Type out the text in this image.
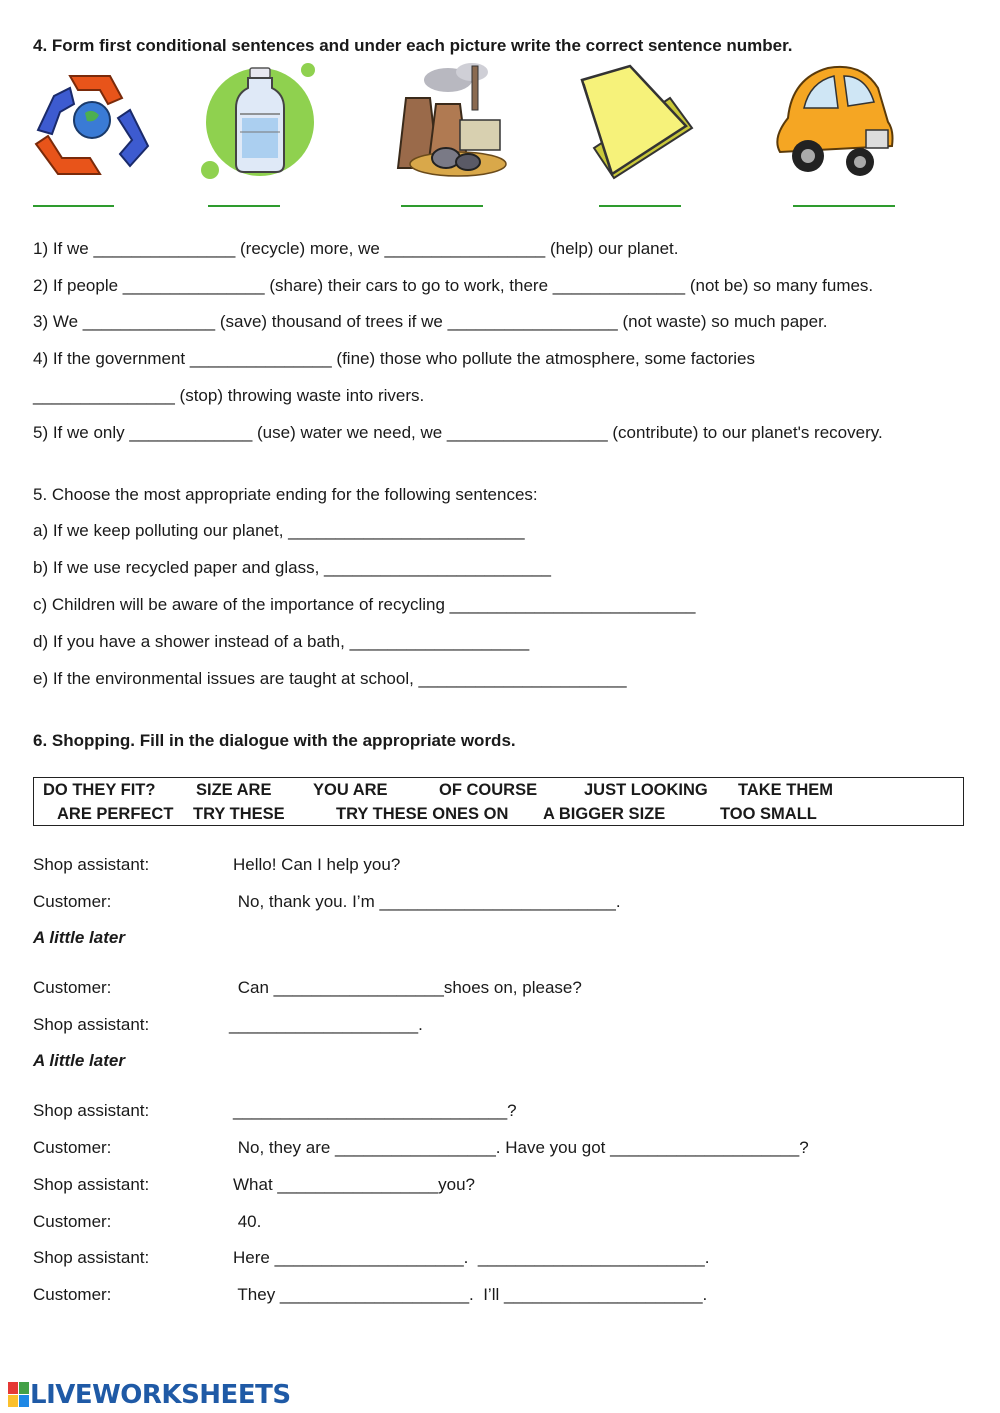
4. Form first conditional sentences and under each picture write the correct sentence number.
1) If we _______________ (recycle) more, we _________________ (help) our planet.
2) If people _______________ (share) their cars to go to work, there ______________ (not be) so many fumes.
3) We ______________ (save) thousand of trees if we __________________ (not waste) so much paper.
4) If the government _______________ (fine) those who pollute the atmosphere, some factories
_______________ (stop) throwing waste into rivers.
5) If we only _____________ (use) water we need, we _________________ (contribute) to our planet's recovery.
5. Choose the most appropriate ending for the following sentences:
a) If we keep polluting our planet, _________________________
b) If we use recycled paper and glass, ________________________
c) Children will be aware of the importance of recycling __________________________
d) If you have a shower instead of a bath, ___________________
e) If the environmental issues are taught at school, ______________________
6. Shopping. Fill in the dialogue with the appropriate words.
DO THEY FIT? SIZE ARE	YOU ARE	OF COURSE	JUST LOOKING TAKE THEM
ARE PERFECT TRY THESE	TRY THESE ONES ON A BIGGER SIZE	TOO SMALL
Shop assistant:	Hello! Can I help you?
Customer:	No, thank you. I’m _________________________.
A little later
Customer:	Can __________________shoes on, please?
Shop assistant:	____________________.
A little later
Shop assistant:	_____________________________?
Customer:	No, they are _________________. Have you got ____________________?
Shop assistant:	What _________________you?
Customer:	40.
Shop assistant:	Here ____________________.  ________________________.
Customer:	They ____________________.  I’ll _____________________.
LIVEWORKSHEETS
